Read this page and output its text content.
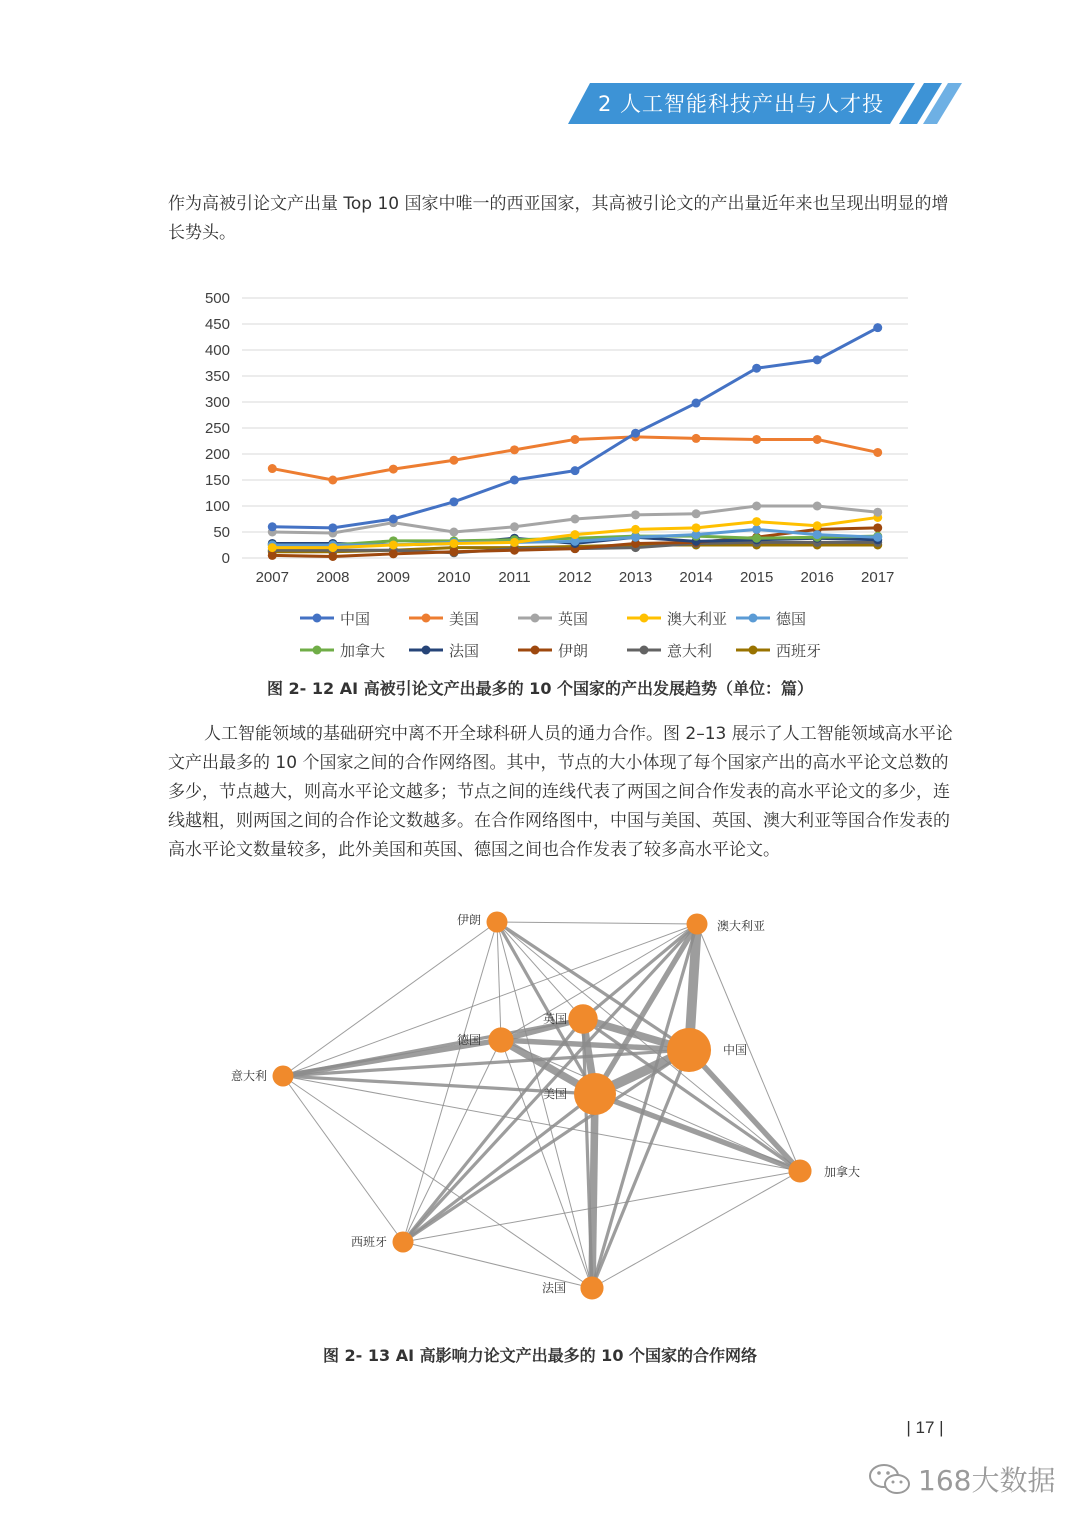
2 人工智能科技产出与人才投入

作为高被引论文产出量 Top 10 国家中唯一的西亚国家，其高被引论文的产出量近年来也呈现出明显的增长势头。

0
50
100
150
200
250
300
350
400
450
500
2007 2008 2009 2010 2011 2012 2013 2014 2015 2016 2017
中国	美国	英国	澳大利亚	德国
加拿大	法国	伊朗	意大利	西班牙
图 2- 12 AI 高被引论文产出最多的 10 个国家的产出发展趋势（单位：篇）

人工智能领域的基础研究中离不开全球科研人员的通力合作。图 2–13 展示了人工智能领域高水平论文产出最多的 10 个国家之间的合作网络图。其中，节点的大小体现了每个国家产出的高水平论文总数的多少，节点越大，则高水平论文越多；节点之间的连线代表了两国之间合作发表的高水平论文的多少，连线越粗，则两国之间的合作论文数越多。在合作网络图中，中国与美国、英国、澳大利亚等国合作发表的高水平论文数量较多，此外美国和英国、德国之间也合作发表了较多高水平论文。

伊朗	澳大利亚
英国
德国
中国
意大利
美国
加拿大
西班牙
法国
图 2- 13 AI 高影响力论文产出最多的 10 个国家的合作网络
| 17 |
168大数据
